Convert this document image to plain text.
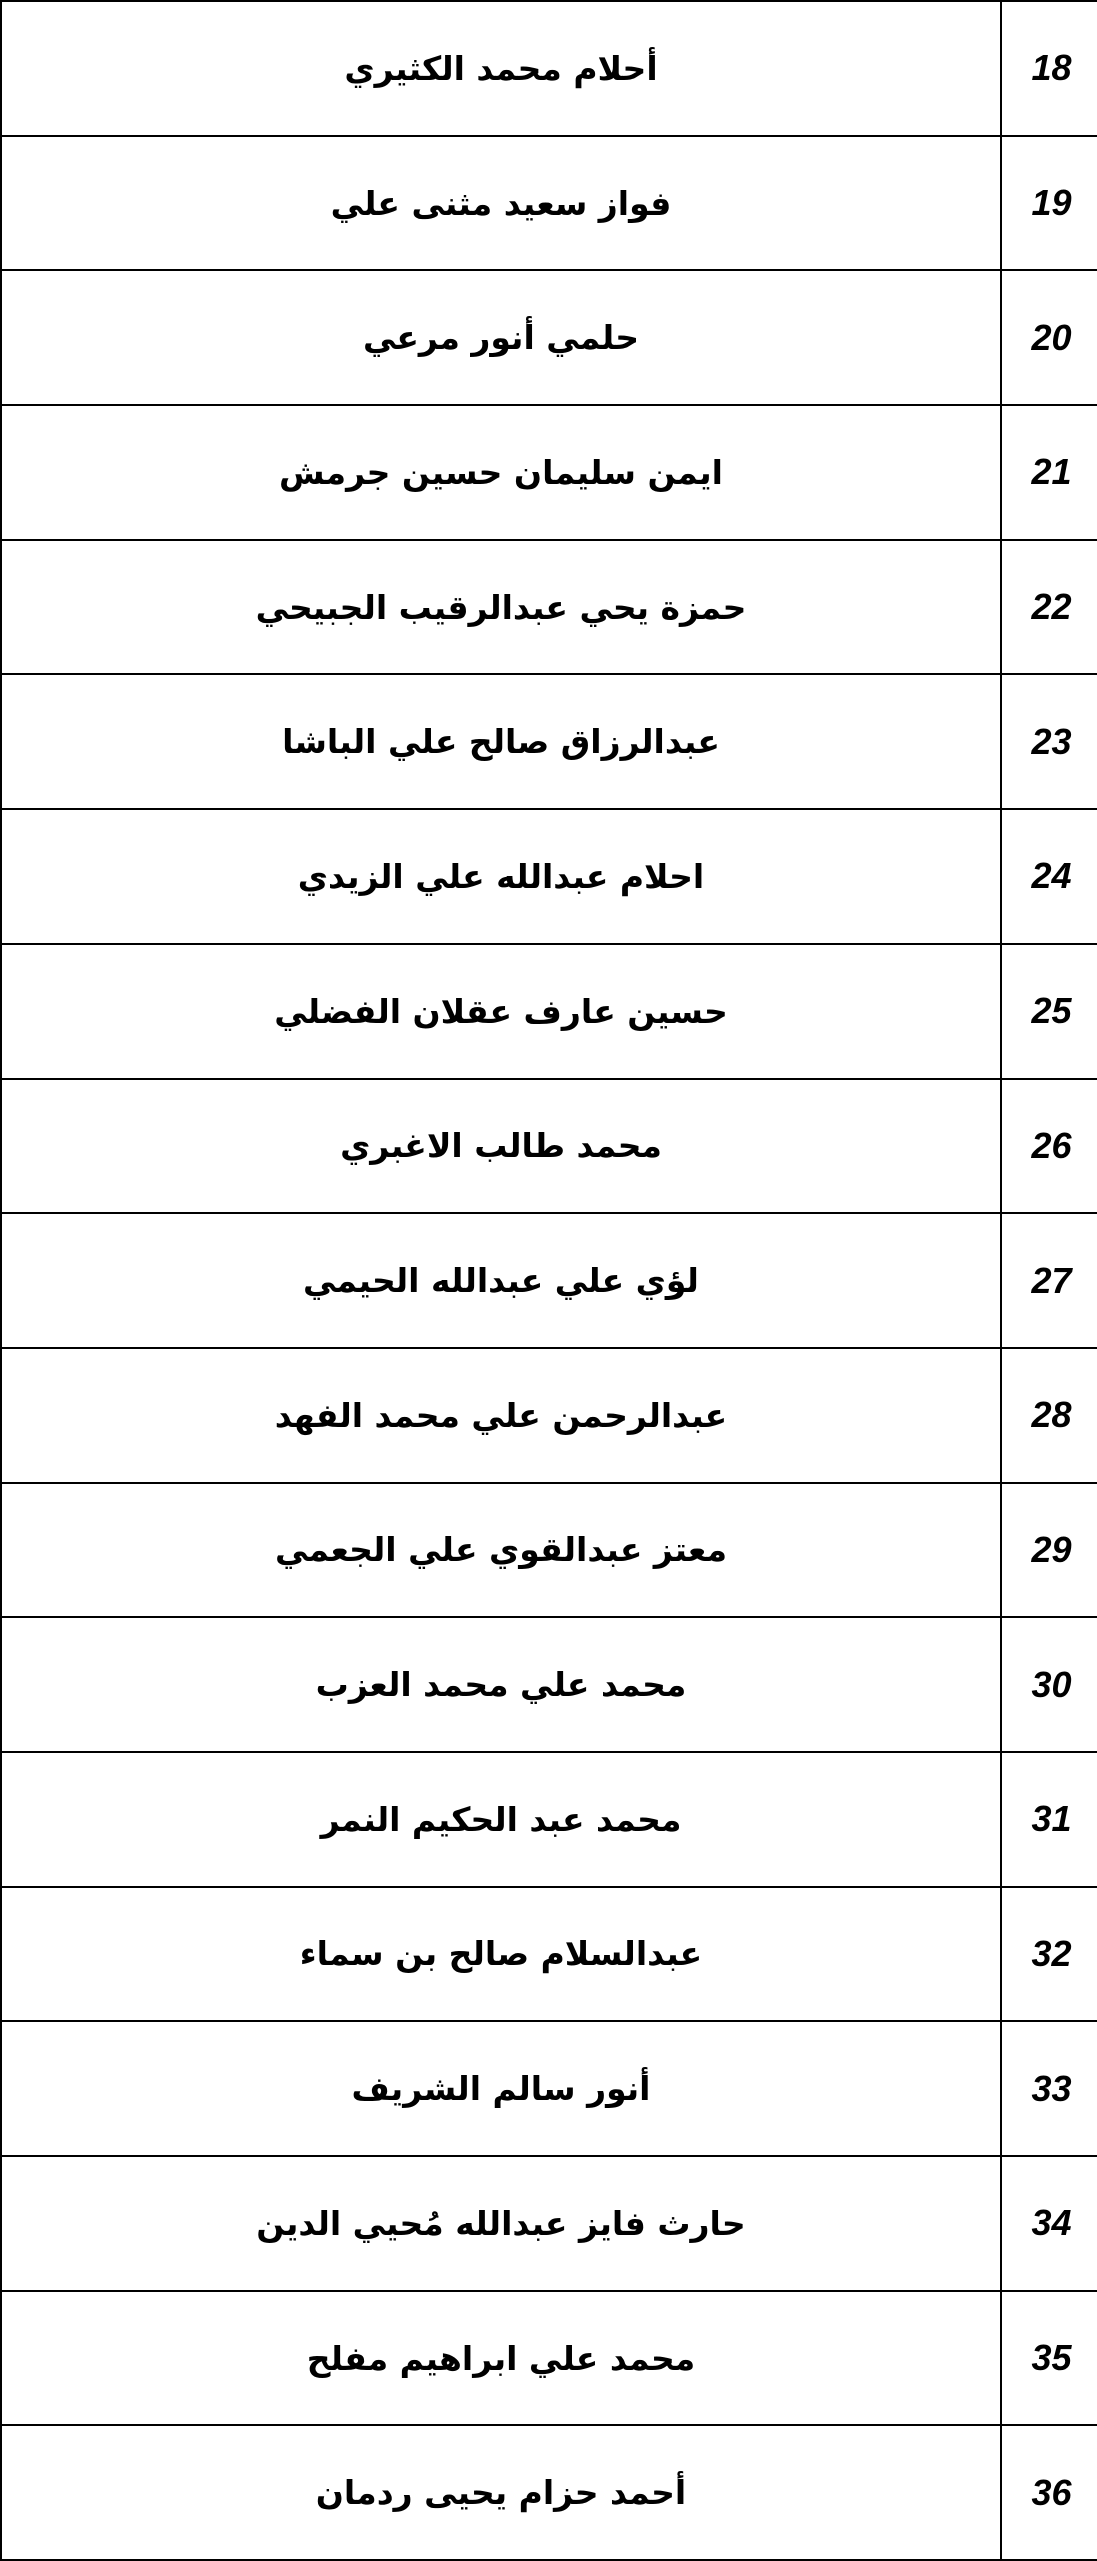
أحلام محمد الكثيري	18
فواز سعيد مثنى علي	19
حلمي أنور مرعي	20
ايمن سليمان حسين جرمش	21
حمزة يحي عبدالرقيب الجبيحي	22
عبدالرزاق صالح علي الباشا	23
احلام عبدالله علي الزيدي	24
حسين عارف عقلان الفضلي	25
محمد طالب الاغبري	26
لؤي علي عبدالله الحيمي	27
عبدالرحمن علي محمد الفهد	28
معتز عبدالقوي علي الجعمي	29
محمد علي محمد العزب	30
محمد عبد الحكيم النمر	31
عبدالسلام صالح بن سماء	32
أنور سالم الشريف	33
حارث فايز عبدالله مُحيي الدين	34
محمد علي ابراهيم مفلح	35
أحمد حزام يحيى ردمان	36
